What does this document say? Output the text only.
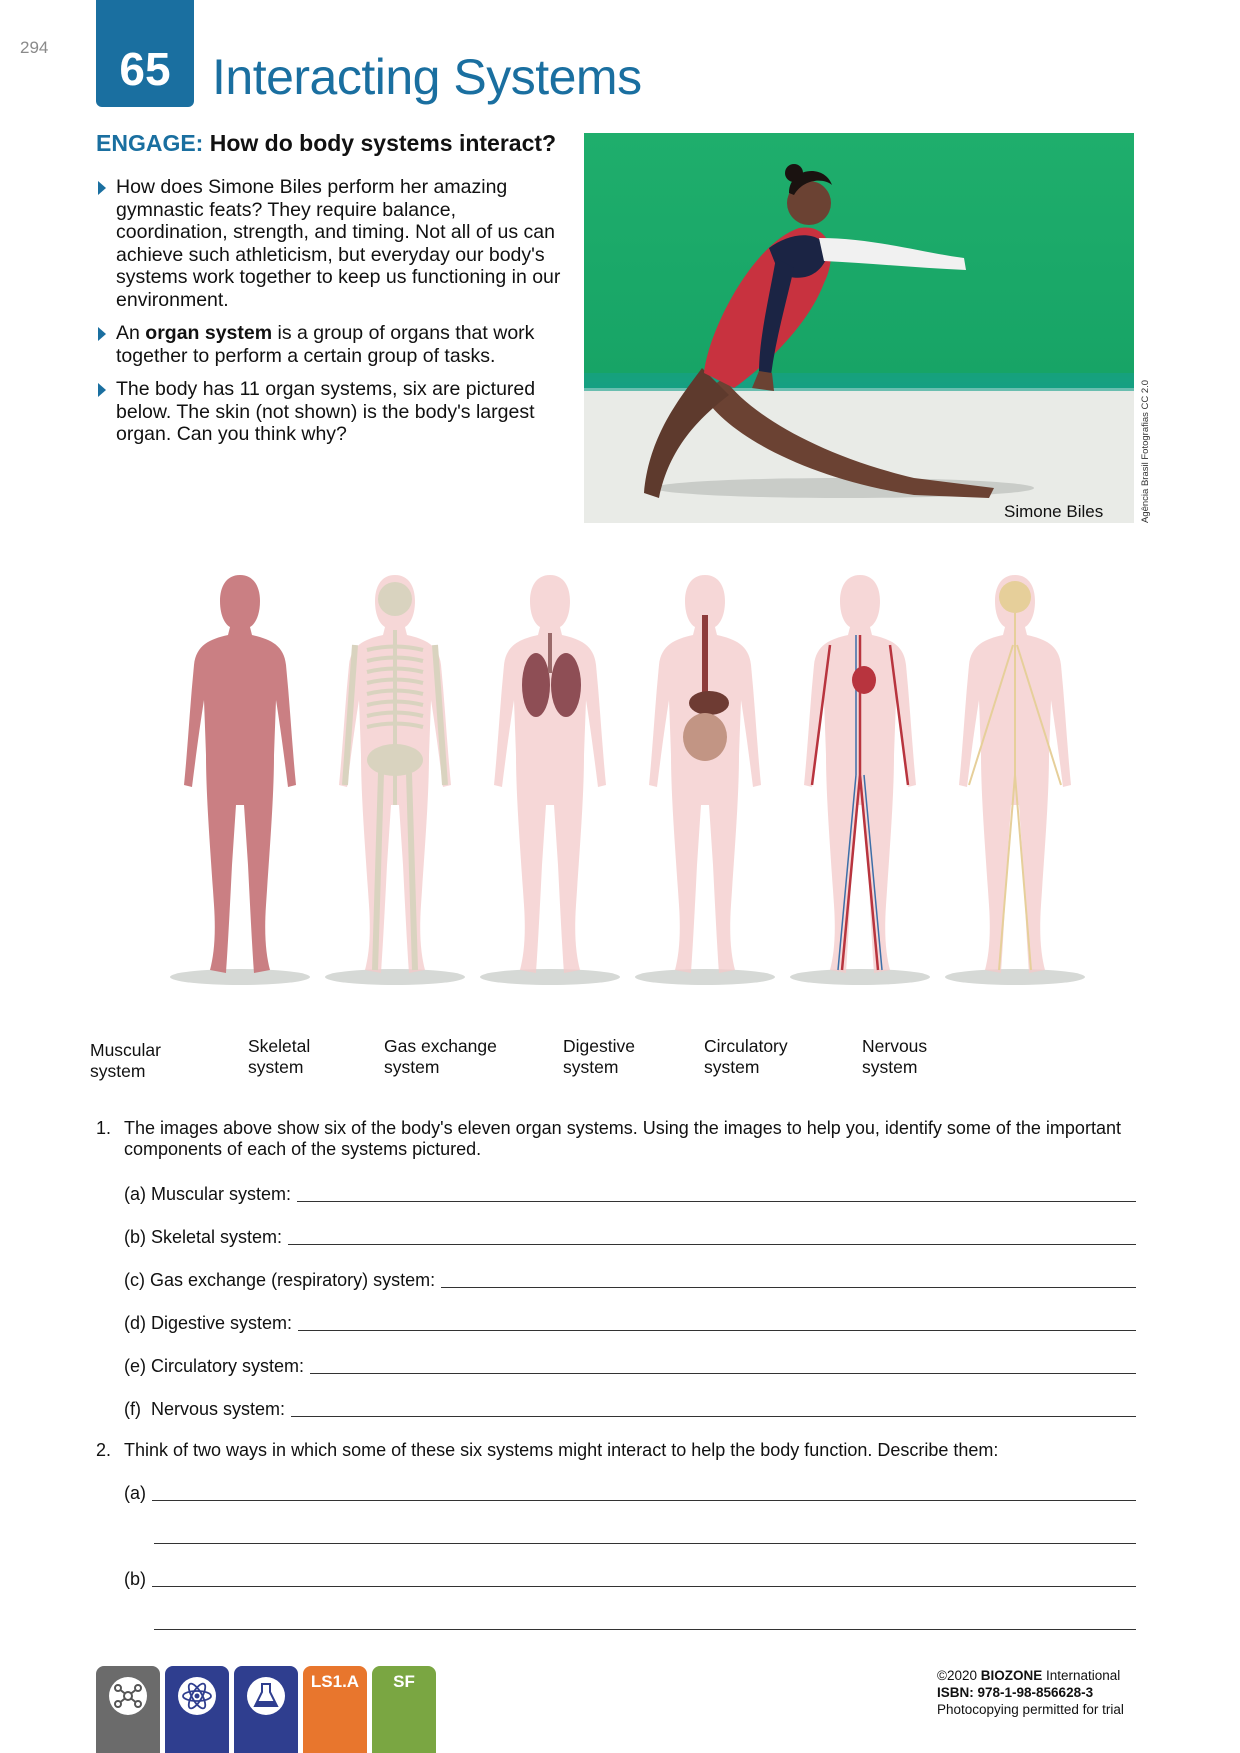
294	65 Interacting Systems
ENGAGE: How do body systems interact?
How does Simone Biles perform her amazing gymnastic feats? They require balance, coordination, strength, and timing. Not all of us can achieve such athleticism, but everyday our body's systems work together to keep us functioning in our environment.
An organ system is a group of organs that work together to perform a certain group of tasks.
The body has 11 organ systems, six are pictured below. The skin (not shown) is the body's largest organ. Can you think why?
Simone Biles	Agência Brasil Fotografias CC 2.0
Muscular
system
Skeletal
system
Gas exchange
system
Digestive
system
Circulatory
system
Nervous
system
1. The images above show six of the body's eleven organ systems. Using the images to help you, identify some of the important components of each of the systems pictured.
(a) Muscular system:
(b) Skeletal system:
(c) Gas exchange (respiratory) system:
(d) Digestive system:
(e) Circulatory system:
(f)  Nervous system:
2. Think of two ways in which some of these six systems might interact to help the body function. Describe them:
(a)
(b)
LS1.A	SF	©2020 BIOZONE International
ISBN: 978-1-98-856628-3
Photocopying permitted for trial
